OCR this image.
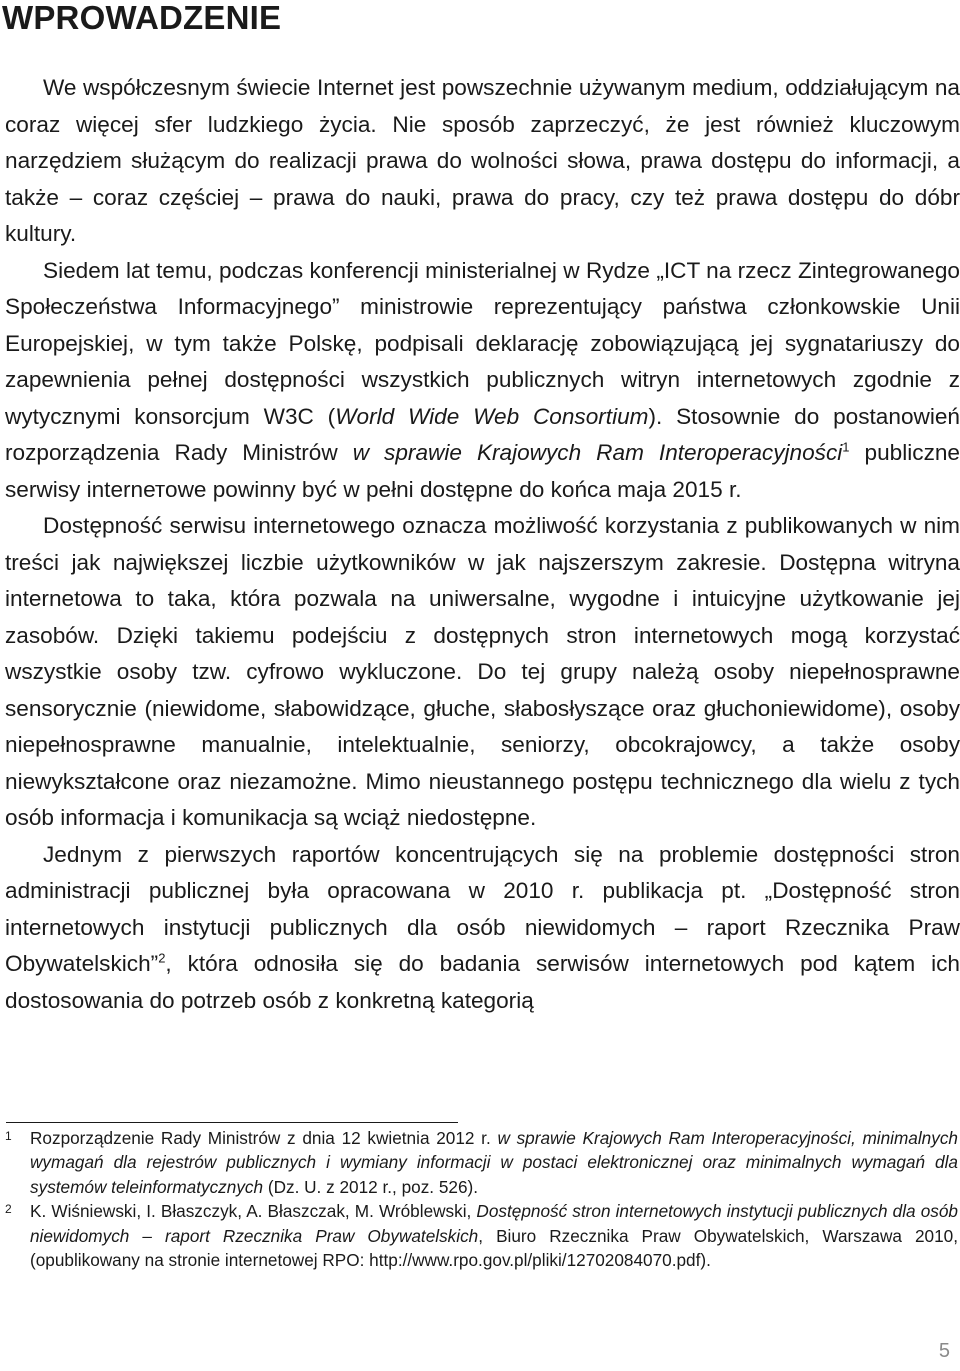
WPROWADZENIE

We współczesnym świecie Internet jest powszechnie używanym medium, oddziałującym na coraz więcej sfer ludzkiego życia. Nie sposób zaprzeczyć, że jest również kluczowym narzędziem służącym do realizacji prawa do wolności słowa, prawa dostępu do informacji, a także – coraz częściej – prawa do nauki, prawa do pracy, czy też prawa dostępu do dóbr kultury.

Siedem lat temu, podczas konferencji ministerialnej w Rydze „ICT na rzecz Zintegrowanego Społeczeństwa Informacyjnego” ministrowie reprezentujący państwa członkowskie Unii Europejskiej, w tym także Polskę, podpisali deklarację zobowiązującą jej sygnatariuszy do zapewnienia pełnej dostępności wszystkich publicznych witryn internetowych zgodnie z wytycznymi konsorcjum W3C (World Wide Web Consortium). Stosownie do postanowień rozporządzenia Rady Ministrów w sprawie Krajowych Ram Interoperacyjności$^1$ publiczne serwisy internетоwe powinny być w pełni dostępne do końca maja 2015 r.

Dostępność serwisu internetowego oznacza możliwość korzystania z publikowanych w nim treści jak największej liczbie użytkowników w jak najszerszym zakresie. Dostępna witryna internetowa to taka, która pozwala na uniwersalne, wygodne i intuicyjne użytkowanie jej zasobów. Dzięki takiemu podejściu z dostępnych stron internetowych mogą korzystać wszystkie osoby tzw. cyfrowo wykluczone. Do tej grupy należą osoby niepełnosprawne sensorycznie (niewidome, słabowidzące, głuche, słabosłyszące oraz głuchoniewidome), osoby niepełnosprawne manualnie, intelektualnie, seniorzy, obcokrajowcy, a także osoby niewykształcone oraz niezamożne. Mimo nieustannego postępu technicznego dla wielu z tych osób informacja i komunikacja są wciąż niedostępne.

Jednym z pierwszych raportów koncentrujących się na problemie dostępności stron administracji publicznej była opracowana w 2010 r. publikacja pt. „Dostępność stron internetowych instytucji publicznych dla osób niewidomych – raport Rzecznika Praw Obywatelskich”$^2$, która odnosiła się do badania serwisów internetowych pod kątem ich dostosowania do potrzeb osób z konkretną kategorią

1 Rozporządzenie Rady Ministrów z dnia 12 kwietnia 2012 r. w sprawie Krajowych Ram Interoperacyjności, minimalnych wymagań dla rejestrów publicznych i wymiany informacji w postaci elektronicznej oraz minimalnych wymagań dla systemów teleinformatycznych (Dz. U. z 2012 r., poz. 526).
2 K. Wiśniewski, I. Błaszczyk, A. Błaszczak, M. Wróblewski, Dostępność stron internetowych instytucji publicznych dla osób niewidomych – raport Rzecznika Praw Obywatelskich, Biuro Rzecznika Praw Obywatelskich, Warszawa 2010, (opublikowany na stronie internetowej RPO: http://www.rpo.gov.pl/pliki/12702084070.pdf).
5
